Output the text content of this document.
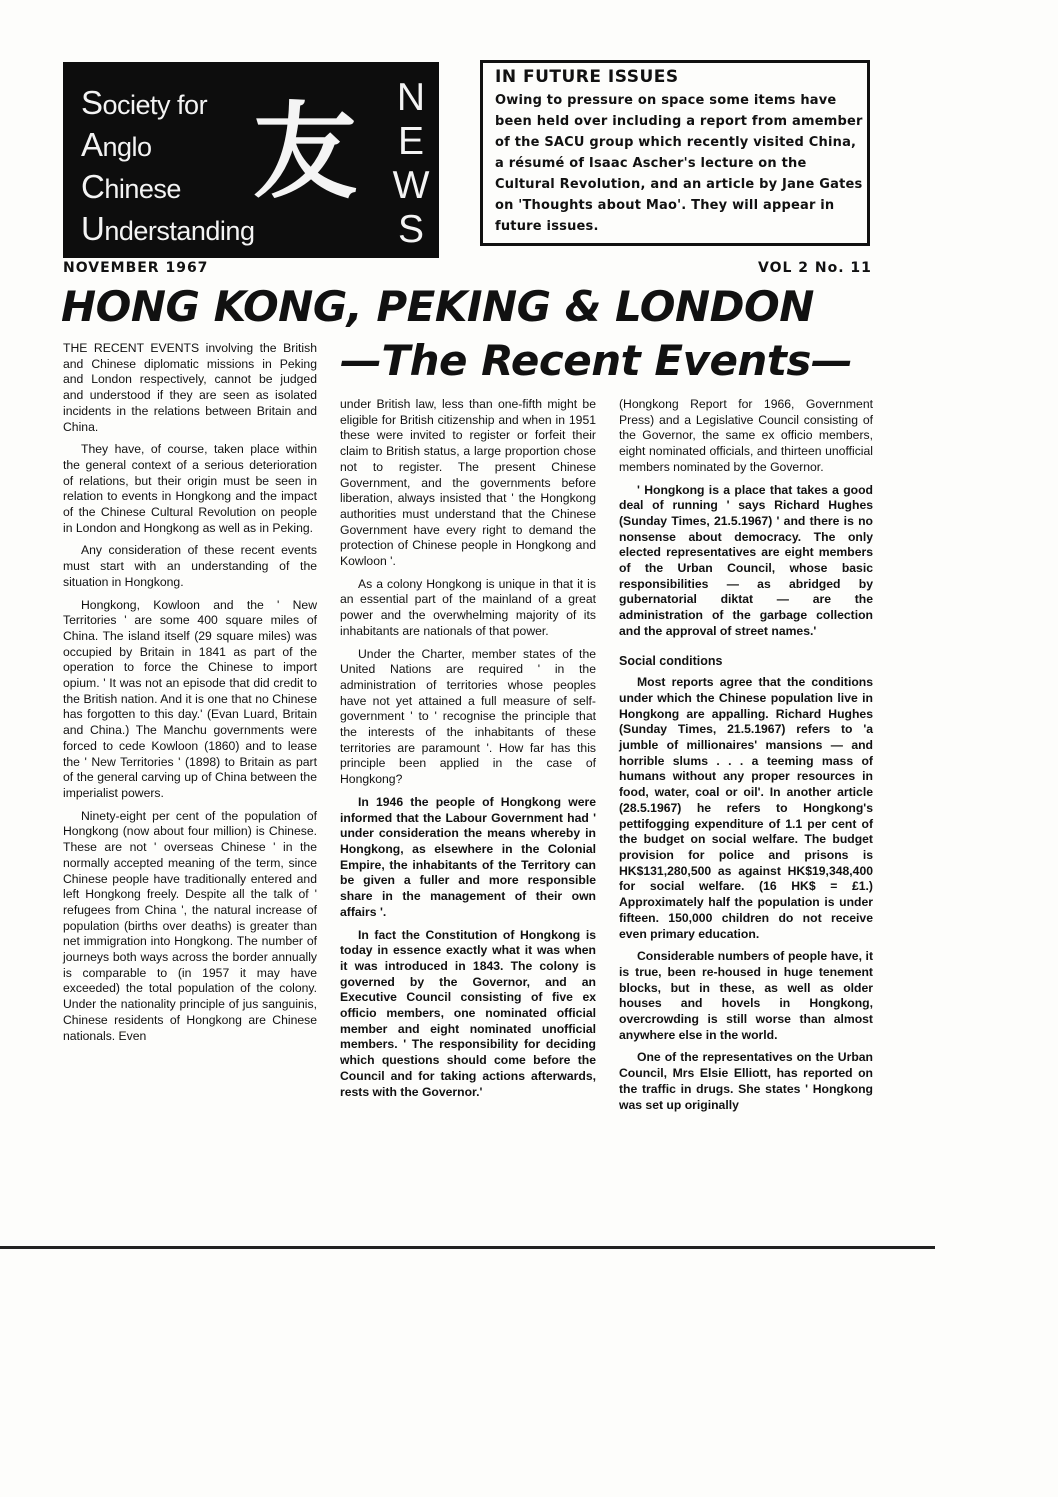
Society for
Anglo
Chinese
Understanding
友 N
E
W
S
IN FUTURE ISSUES

Owing to pressure on space some items have been held over including a report from amember of the SACU group which recently visited China, a résumé of Isaac Ascher's lecture on the Cultural Revolution, and an article by Jane Gates on 'Thoughts about Mao'. They will appear in future issues.

NOVEMBER 1967	VOL 2 No. 11
HONG KONG, PEKING & LONDON
—The Recent Events—

THE RECENT EVENTS involving the British and Chinese diplomatic missions in Peking and London respectively, cannot be judged and understood if they are seen as isolated incidents in the relations between Britain and China.

They have, of course, taken place within the general context of a serious deterioration of relations, but their origin must be seen in relation to events in Hongkong and the impact of the Chinese Cultural Revolution on people in London and Hongkong as well as in Peking.

Any consideration of these recent events must start with an understanding of the situation in Hongkong.

Hongkong, Kowloon and the ' New Territories ' are some 400 square miles of China. The island itself (29 square miles) was occupied by Britain in 1841 as part of the operation to force the Chinese to import opium. ' It was not an episode that did credit to the British nation. And it is one that no Chinese has forgotten to this day.' (Evan Luard, Britain and China.) The Manchu governments were forced to cede Kowloon (1860) and to lease the ' New Territories ' (1898) to Britain as part of the general carving up of China between the imperialist powers.

Ninety-eight per cent of the population of Hongkong (now about four million) is Chinese. These are not ' overseas Chinese ' in the normally accepted meaning of the term, since Chinese people have traditionally entered and left Hongkong freely. Despite all the talk of ' refugees from China ', the natural increase of population (births over deaths) is greater than net immigration into Hongkong. The number of journeys both ways across the border annually is comparable to (in 1957 it may have exceeded) the total population of the colony. Under the nationality principle of jus sanguinis, Chinese residents of Hongkong are Chinese nationals. Even

under British law, less than one-fifth might be eligible for British citizenship and when in 1951 these were invited to register or forfeit their claim to British status, a large proportion chose not to register. The present Chinese Government, and the governments before liberation, always insisted that ' the Hongkong authorities must understand that the Chinese Government have every right to demand the protection of Chinese people in Hongkong and Kowloon '.

As a colony Hongkong is unique in that it is an essential part of the mainland of a great power and the overwhelming majority of its inhabitants are nationals of that power.

Under the Charter, member states of the United Nations are required ' in the administration of territories whose peoples have not yet attained a full measure of self-government ' to ' recognise the principle that the interests of the inhabitants of these territories are paramount '. How far has this principle been applied in the case of Hongkong?

In 1946 the people of Hongkong were informed that the Labour Government had ' under consideration the means whereby in Hongkong, as elsewhere in the Colonial Empire, the inhabitants of the Territory can be given a fuller and more responsible share in the management of their own affairs '.

In fact the Constitution of Hongkong is today in essence exactly what it was when it was introduced in 1843. The colony is governed by the Governor, and an Executive Council consisting of five ex officio members, one nominated official member and eight nominated unofficial members. ' The responsibility for deciding which questions should come before the Council and for taking actions afterwards, rests with the Governor.'

(Hongkong Report for 1966, Government Press) and a Legislative Council consisting of the Governor, the same ex officio members, eight nominated officials, and thirteen unofficial members nominated by the Governor.

' Hongkong is a place that takes a good deal of running ' says Richard Hughes (Sunday Times, 21.5.1967) ' and there is no nonsense about democracy. The only elected representatives are eight members of the Urban Council, whose basic responsibilities — as abridged by gubernatorial diktat — are the administration of the garbage collection and the approval of street names.'

Social conditions

Most reports agree that the conditions under which the Chinese population live in Hongkong are appalling. Richard Hughes (Sunday Times, 21.5.1967) refers to 'a jumble of millionaires' mansions — and horrible slums . . . a teeming mass of humans without any proper resources in food, water, coal or oil'. In another article (28.5.1967) he refers to Hongkong's pettifogging expenditure of 1.1 per cent of the budget on social welfare. The budget provision for police and prisons is HK$131,280,500 as against HK$19,348,400 for social welfare. (16 HK$ = £1.) Approximately half the population is under fifteen. 150,000 children do not receive even primary education.

Considerable numbers of people have, it is true, been re-housed in huge tenement blocks, but in these, as well as older houses and hovels in Hongkong, overcrowding is still worse than almost anywhere else in the world.

One of the representatives on the Urban Council, Mrs Elsie Elliott, has reported on the traffic in drugs. She states ' Hongkong was set up originally
